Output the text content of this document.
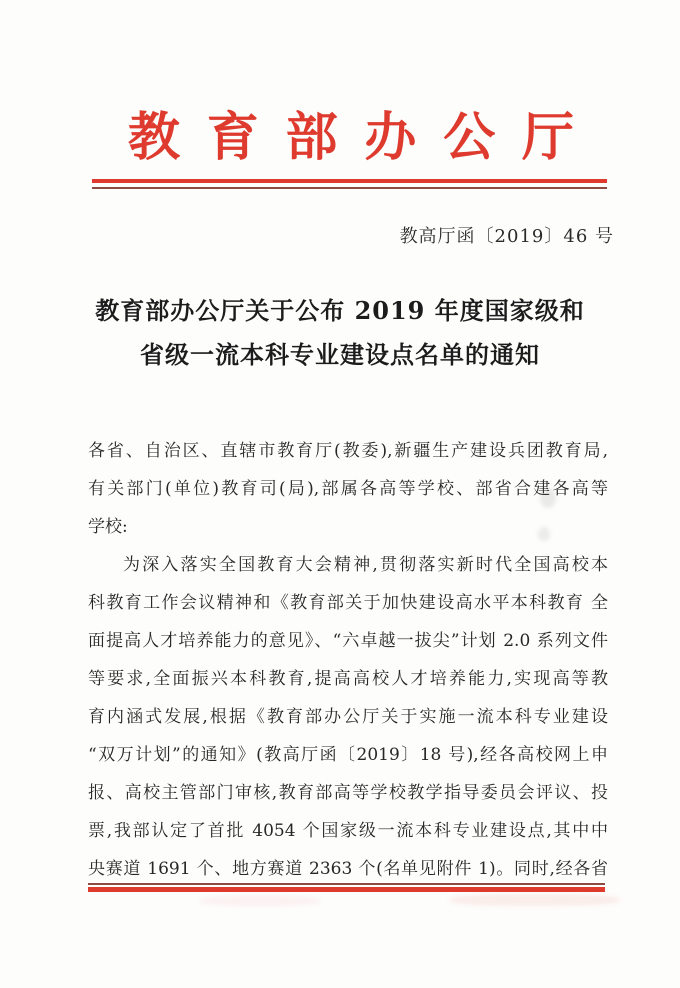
教育部办公厅
教高厅函〔2019〕46 号
教育部办公厅关于公布 2019 年度国家级和
省级一流本科专业建设点名单的通知

各省、自治区、直辖市教育厅(教委),新疆生产建设兵团教育局,

有关部门(单位)教育司(局),部属各高等学校、部省合建各高等

学校:

为深入落实全国教育大会精神,贯彻落实新时代全国高校本

科教育工作会议精神和《教育部关于加快建设高水平本科教育 全

面提高人才培养能力的意见》、“六卓越一拔尖”计划 2.0 系列文件

等要求,全面振兴本科教育,提高高校人才培养能力,实现高等教

育内涵式发展,根据《教育部办公厅关于实施一流本科专业建设

“双万计划”的通知》(教高厅函〔2019〕18 号),经各高校网上申

报、高校主管部门审核,教育部高等学校教学指导委员会评议、投

票,我部认定了首批 4054 个国家级一流本科专业建设点,其中中

央赛道 1691 个、地方赛道 2363 个(名单见附件 1)。同时,经各省
